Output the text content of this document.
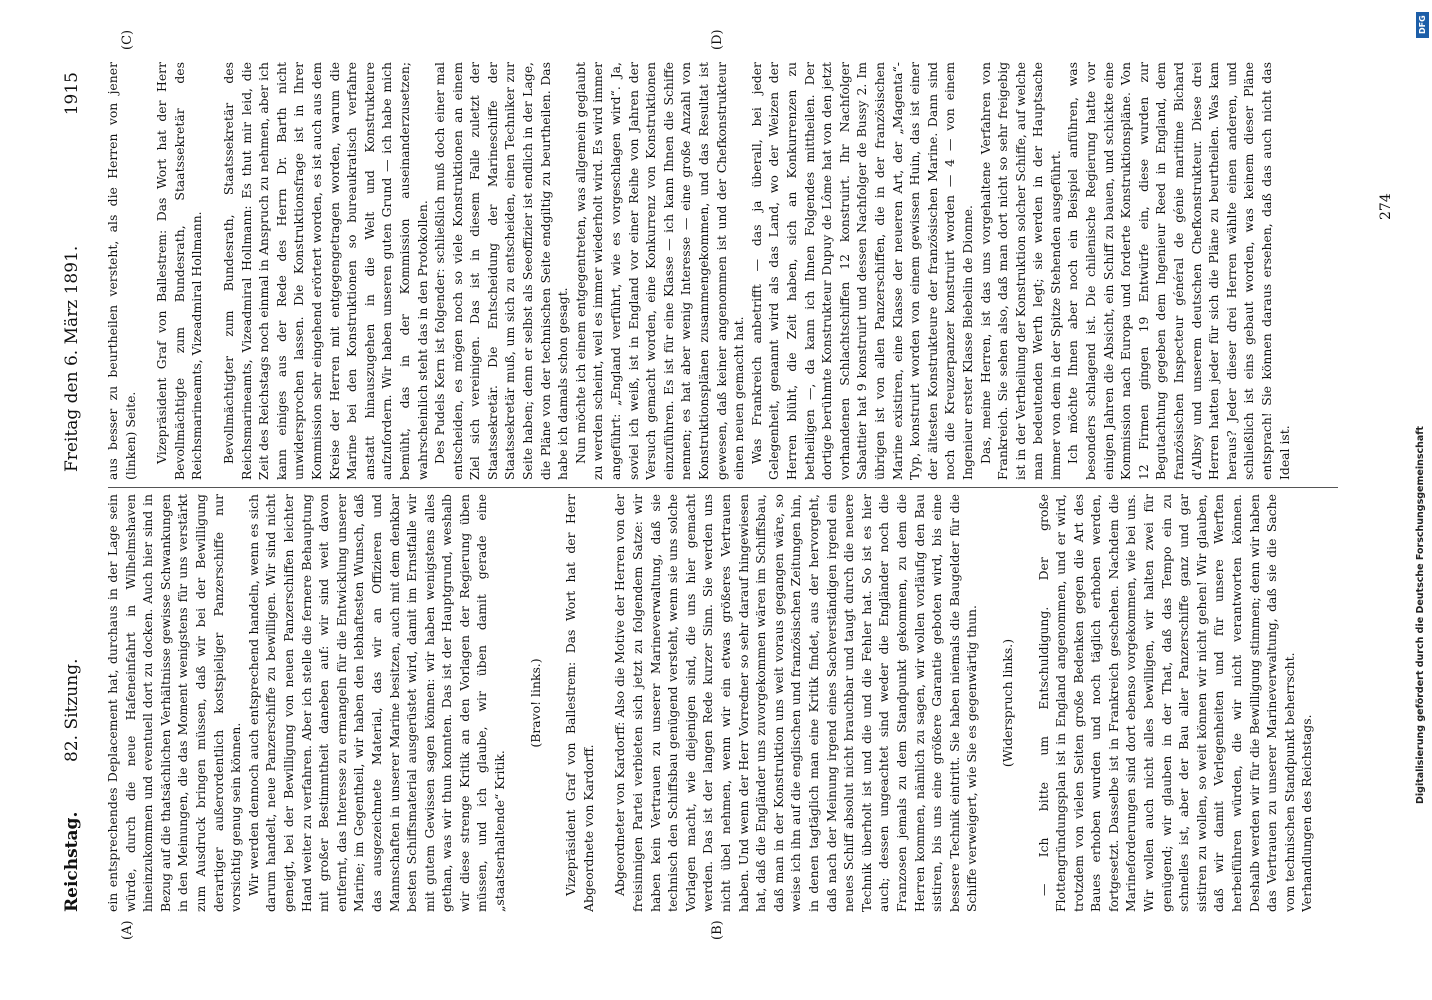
Reichstag.
82. Sitzung.
Freitag den 6. März 1891.
1915
(A)	(B)
(C)	(D)

ein entsprechendes Deplacement hat, durchaus in der Lage sein würde, durch die neue Hafeneinfahrt in Wilhelmshaven hineinzukommen und eventuell dort zu docken. Auch hier sind in Bezug auf die thatsächlichen Verhältnisse gewisse Schwankungen in den Meinungen, die das Moment wenigstens für uns verstärkt zum Ausdruck bringen müssen, daß wir bei der Bewilligung derartiger außerordentlich kostspieliger Panzerschiffe nur vorsichtig genug sein können. Wir werden dennoch auch entsprechend handeln, wenn es sich darum handelt, neue Panzerschiffe zu bewilligen. Wir sind nicht geneigt, bei der Bewilligung von neuen Panzerschiffen leichter Hand weiter zu verfahren. Aber ich stelle die fernere Behauptung mit großer Bestimmtheit daneben auf: wir sind weit davon entfernt, das Interesse zu ermangeln für die Entwicklung unserer Marine; im Gegentheil, wir haben den lebhaftesten Wunsch, daß das ausgezeichnete Material, das wir an Offizieren und Mannschaften in unserer Marine besitzen, auch mit dem denkbar besten Schiffsmaterial ausgerüstet wird, damit im Ernstfalle wir mit gutem Gewissen sagen können: wir haben wenigstens alles gethan, was wir thun konnten. Das ist der Hauptgrund, weshalb wir diese strenge Kritik an den Vorlagen der Regierung üben müssen, und ich glaube, wir üben damit gerade eine „staatserhaltende“ Kritik.

(Bravo! links.) Vizepräsident Graf von Ballestrem: Das Wort hat der Herr Abgeordnete von Kardorff. Abgeordneter von Kardorff: Also die Motive der Herren von der freisinnigen Partei verbieten sich jetzt zu folgendem Satze: wir haben kein Vertrauen zu unserer Marineverwaltung, daß sie technisch den Schiffsbau genügend versteht, wenn sie uns solche Vorlagen macht, wie diejenigen sind, die uns hier gemacht werden. Das ist der langen Rede kurzer Sinn. Sie werden uns nicht übel nehmen, wenn wir ein etwas größeres Vertrauen haben. Und wenn der Herr Vorredner so sehr darauf hingewiesen hat, daß die Engländer uns zuvorgekommen wären im Schiffsbau, daß man in der Konstruktion uns weit voraus gegangen wäre, so weise ich ihn auf die englischen und französischen Zeitungen hin, in denen tagtäglich man eine Kritik findet, aus der hervorgeht, daß nach der Meinung irgend eines Sachverständigen irgend ein neues Schiff absolut nicht brauchbar und taugt durch die neuere Technik überholt ist und die und die Fehler hat. So ist es hier auch; dessen ungeachtet sind weder die Engländer noch die Franzosen jemals zu dem Standpunkt gekommen, zu dem die Herren kommen, nämlich zu sagen, wir wollen vorläufig den Bau sistiren, bis uns eine größere Garantie geboten wird, bis eine bessere Technik eintritt. Sie haben niemals die Baugelder für die Schiffe verweigert, wie Sie es gegenwärtig thun. (Widerspruch links.) — Ich bitte um Entschuldigung. Der große Flottengründungsplan ist in England angenommen, und er wird, trotzdem von vielen Seiten große Bedenken gegen die Art des Baues erhoben wurden und noch täglich erhoben werden, fortgesetzt. Dasselbe ist in Frankreich geschehen. Nachdem die Marineforderungen sind dort ebenso vorgekommen, wie bei uns. Wir wollen auch nicht alles bewilligen, wir halten zwei für genügend; wir glauben in der That, daß das Tempo ein zu schnelles ist, aber der Bau aller Panzerschiffe ganz und gar sistiren zu wollen, so weit können wir nicht gehen! Wir glauben, daß wir damit Verlegenheiten und für unsere Werften herbeiführen würden, die wir nicht verantworten können. Deshalb werden wir für die Bewilligung stimmen; denn wir haben das Vertrauen zu unserer Marineverwaltung, daß sie die Sache vom technischen Standpunkt beherrscht. Verhandlungen des Reichstags.

aus besser zu beurtheilen versteht, als die Herren von jener (linken) Seite. Vizepräsident Graf von Ballestrem: Das Wort hat der Herr Bevollmächtigte zum Bundesrath, Staatssekretär des Reichsmarineamts, Vizeadmiral Hollmann. Bevollmächtigter zum Bundesrath, Staatssekretär des Reichsmarineamts, Vizeadmiral Hollmann: Es thut mir leid, die Zeit des Reichstags noch einmal in Anspruch zu nehmen, aber ich kann einiges aus der Rede des Herrn Dr. Barth nicht unwidersprochen lassen. Die Konstruktionsfrage ist in Ihrer Kommission sehr eingehend erörtert worden, es ist auch aus dem Kreise der Herren mit entgegengetragen worden, warum die Marine bei den Konstruktionen so bureaukratisch verfahre anstatt hinauszugehen in die Welt und Konstrukteure aufzufordern. Wir haben unseren guten Grund — ich habe mich bemüht, das in der Kommission auseinanderzusetzen; wahrscheinlich steht das in den Protokollen. Des Pudels Kern ist folgender: schließlich muß doch einer mal entscheiden, es mögen noch so viele Konstruktionen an einem Ziel sich vereinigen. Das ist in diesem Falle zuletzt der Staatssekretär. Die Entscheidung der Marineschiffe der Staatssekretär muß, um sich zu entscheiden, einen Techniker zur Seite haben; denn er selbst als Seeoffizier ist endlich in der Lage, die Pläne von der technischen Seite endgiltig zu beurtheilen. Das habe ich damals schon gesagt. Nun möchte ich einem entgegentreten, was allgemein geglaubt zu werden scheint, weil es immer wiederholt wird. Es wird immer angeführt: „England verführt, wie es vorgeschlagen wird“. Ja, soviel ich weiß, ist in England vor einer Reihe von Jahren der Versuch gemacht worden, eine Konkurrenz von Konstruktionen einzuführen. Es ist für eine Klasse — ich kann Ihnen die Schiffe nennen; es hat aber wenig Interesse — eine große Anzahl von Konstruktionsplänen zusammengekommen, und das Resultat ist gewesen, daß keiner angenommen ist und der Chefkonstrukteur einen neuen gemacht hat. Was Frankreich anbetrifft — das ja überall, bei jeder Gelegenheit, genannt wird als das Land, wo der Weizen der Herren blüht, die Zeit haben, sich an Konkurrenzen zu betheiligen —, da kann ich Ihnen Folgendes mittheilen. Der dortige berühmte Konstrukteur Dupuy de Lôme hat von den jetzt vorhandenen Schlachtschiffen 12 konstruirt. Ihr Nachfolger Sabattier hat 9 konstruirt und dessen Nachfolger de Bussy 2. Im übrigen ist von allen Panzerschiffen, die in der französischen Marine existiren, eine Klasse der neueren Art, der „Magenta“-Typ, konstruirt worden von einem gewissen Huin, das ist einer der ältesten Konstrukteure der französischen Marine. Dann sind noch die Kreuzerpanzer konstruirt worden — 4 — von einem Ingenieur erster Klasse Biebelin de Dionne. Das, meine Herren, ist das uns vorgehaltene Verfahren von Frankreich. Sie sehen also, daß man dort nicht so sehr freigebig ist in der Vertheilung der Konstruktion solcher Schiffe, auf welche man bedeutenden Werth legt; sie werden in der Hauptsache immer von dem in der Spitze Stehenden ausgeführt. Ich möchte Ihnen aber noch ein Beispiel anführen, was besonders schlagend ist. Die chilenische Regierung hatte vor einigen Jahren die Absicht, ein Schiff zu bauen, und schickte eine Kommission nach Europa und forderte Konstruktionspläne. Von 12 Firmen gingen 19 Entwürfe ein, diese wurden zur Begutachtung gegeben dem Ingenieur Reed in England, dem französischen Inspecteur général de génie maritime Bichard d'Albsy und unserem deutschen Chefkonstrukteur. Diese drei Herren hatten jeder für sich die Pläne zu beurtheilen. Was kam heraus? Jeder dieser drei Herren wählte einen anderen, und schließlich ist eins gebaut worden, was keinem dieser Pläne entsprach! Sie können daraus ersehen, daß das auch nicht das Ideal ist.

274
DFG
Digitalisierung gefördert durch die Deutsche Forschungsgemeinschaft
